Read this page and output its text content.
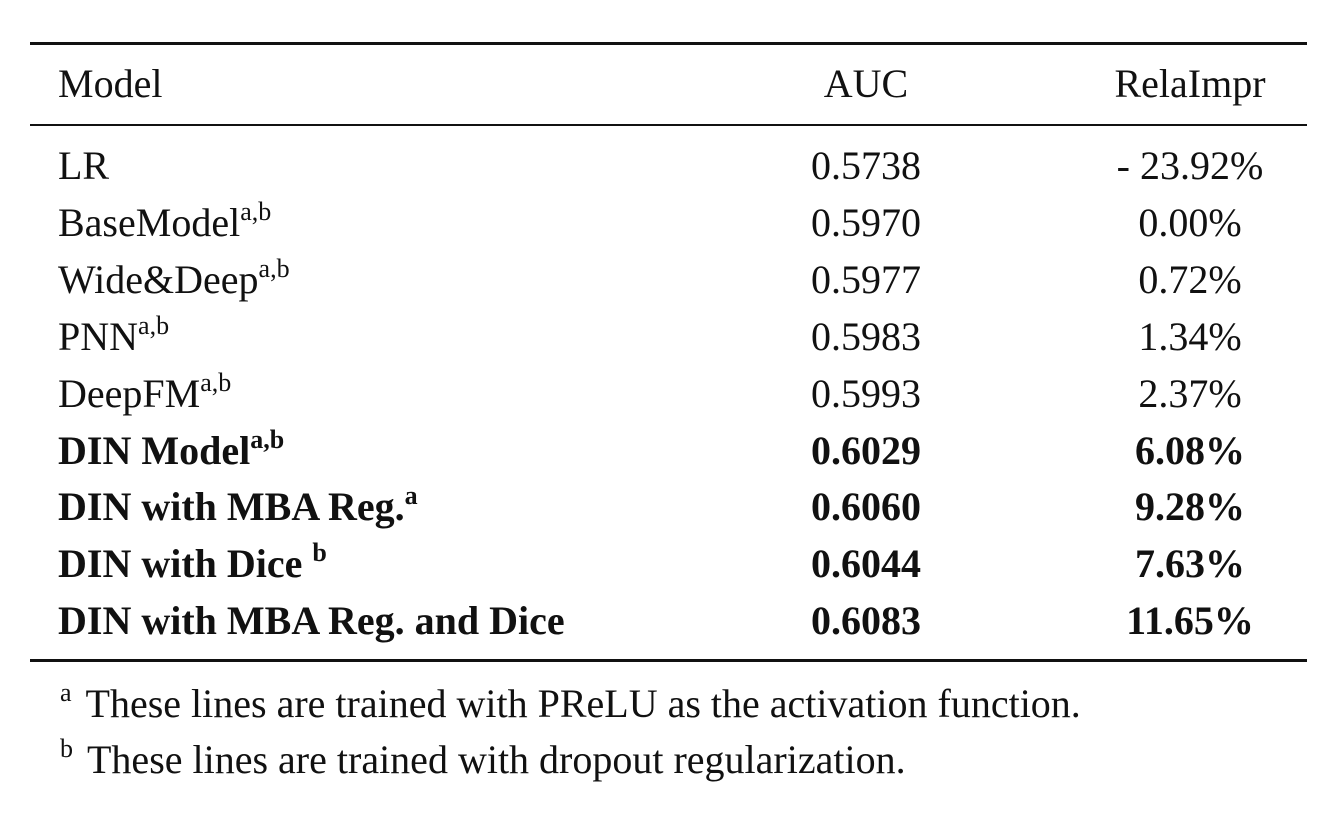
Model	AUC	RelaImpr
LR	0.5738	- 23.92%
BaseModel$^{a,b}$	0.5970	0.00%
Wide&Deep$^{a,b}$	0.5977	0.72%
PNN$^{a,b}$	0.5983	1.34%
DeepFM$^{a,b}$	0.5993	2.37%
DIN Model$^{a,b}$	0.6029	6.08%
DIN with MBA Reg.$^a$	0.6060	9.28%
DIN with Dice $^b$	0.6044	7.63%
DIN with MBA Reg. and Dice	0.6083	11.65%
$^a$ These lines are trained with PReLU as the activation function.
$^b$ These lines are trained with dropout regularization.
